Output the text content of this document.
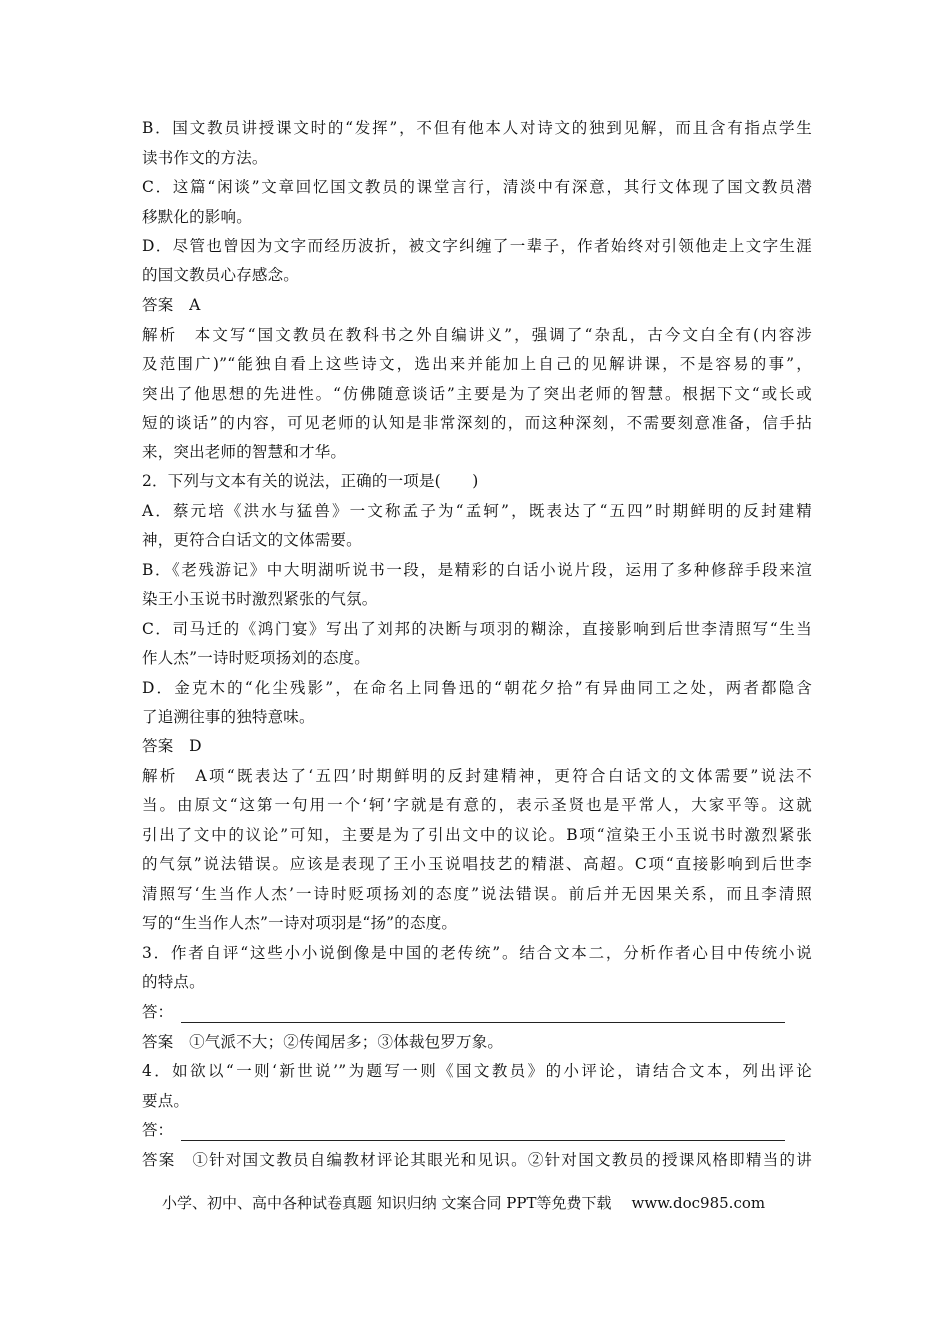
B．国文教员讲授课文时的“发挥”，不但有他本人对诗文的独到见解，而且含有指点学生
读书作文的方法。
C．这篇“闲谈”文章回忆国文教员的课堂言行，清淡中有深意，其行文体现了国文教员潜
移默化的影响。
D．尽管也曾因为文字而经历波折，被文字纠缠了一辈子，作者始终对引领他走上文字生涯
的国文教员心存感念。
答案　A
解析　本文写“国文教员在教科书之外自编讲义”，强调了“杂乱，古今文白全有(内容涉
及范围广)”“能独自看上这些诗文，选出来并能加上自己的见解讲课，不是容易的事”，
突出了他思想的先进性。“仿佛随意谈话”主要是为了突出老师的智慧。根据下文“或长或
短的谈话”的内容，可见老师的认知是非常深刻的，而这种深刻，不需要刻意准备，信手拈
来，突出老师的智慧和才华。
2．下列与文本有关的说法，正确的一项是(　　)
A．蔡元培《洪水与猛兽》一文称孟子为“孟轲”，既表达了“五四”时期鲜明的反封建精
神，更符合白话文的文体需要。
B．《老残游记》中大明湖听说书一段，是精彩的白话小说片段，运用了多种修辞手段来渲
染王小玉说书时激烈紧张的气氛。
C．司马迁的《鸿门宴》写出了刘邦的决断与项羽的糊涂，直接影响到后世李清照写“生当
作人杰”一诗时贬项扬刘的态度。
D．金克木的“化尘残影”，在命名上同鲁迅的“朝花夕拾”有异曲同工之处，两者都隐含
了追溯往事的独特意味。
答案　D
解析　A项“既表达了‘五四’时期鲜明的反封建精神，更符合白话文的文体需要”说法不
当。由原文“这第一句用一个‘轲’字就是有意的，表示圣贤也是平常人，大家平等。这就
引出了文中的议论”可知，主要是为了引出文中的议论。B项“渲染王小玉说书时激烈紧张
的气氛”说法错误。应该是表现了王小玉说唱技艺的精湛、高超。C项“直接影响到后世李
清照写‘生当作人杰’一诗时贬项扬刘的态度”说法错误。前后并无因果关系，而且李清照
写的“生当作人杰”一诗对项羽是“扬”的态度。
3．作者自评“这些小小说倒像是中国的老传统”。结合文本二，分析作者心目中传统小说
的特点。
答：
答案　①气派不大；②传闻居多；③体裁包罗万象。
4．如欲以“一则‘新世说’”为题写一则《国文教员》的小评论，请结合文本，列出评论
要点。
答：
答案　①针对国文教员自编教材评论其眼光和见识。②针对国文教员的授课风格即精当的讲
小学、初中、高中各种试卷真题 知识归纳 文案合同 PPT等免费下载 www.doc985.com
